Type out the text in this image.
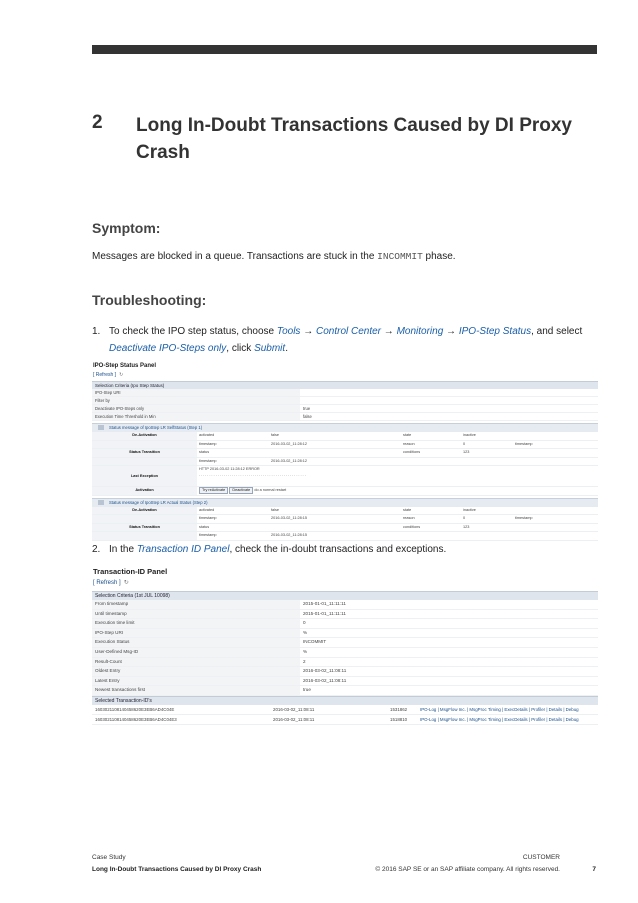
2 Long In-Doubt Transactions Caused by DI Proxy Crash
Symptom:
Messages are blocked in a queue. Transactions are stuck in the INCOMMIT phase.
Troubleshooting:
1. To check the IPO step status, choose Tools → Control Center → Monitoring → IPO-Step Status, and select Deactivate IPO-Steps only, click Submit.
IPO-Step Status Panel
[ Refresh ] ↻
Selection Criteria (Ipo Step Status)
IPO-Step URI
Filter by
Deactivate IPO-Steps only	true
Execution Time Threshold in Min	false
Status message of IpoStep LR SelfStatus (Step 1)
De-Activation	activated	false	state	inactive
timestamp	2016-03-02_11:28:12	reason	0	timestamp
Status Transition	status	conditions	123
timestamp	2016-03-02_11:28:12
Last Exception
HTTP 2016-03-02 11:28:12 ERROR
· · · · · · · · · · · · · · · · · · · · · · · · · · · · · · · · · · · · · · · · · · · · · · · · · · · ·
Activation	Try reActivate Deactivate do a normal restart
Status message of IpoStep LR Actual Status (Step 2)
De-Activation	activated	false	state	inactive
timestamp	2016-03-02_11:28:15	reason	0	timestamp
Status Transition	status	conditions	123
timestamp	2016-03-02_11:28:15
2. In the Transaction ID Panel, check the in-doubt transactions and exceptions.
Transaction-ID Panel
[ Refresh ] ↻
Selection Criteria (1st JUL 10098)
From timestamp	2015-01-01_11:11:11
Until timestamp	2015-01-01_11:11:11
Execution time limit	0
IPO-Step URI	%
Execution Status	INCOMMIT
User-Defined Msg-ID	%
Result-Count	2
Oldest Entry	2016-03-02_11:08:11
Latest Entry	2016-03-02_11:08:11
Newest transactions first	true
Selected Transaction-ID's
1603021108140458620E3EB6AD4C04E	2016-03-02_11:08:11	1531862	IPO-Log | MsgFlow Inc. | MsgProc Timing | ExecDetails | Profiler | Details | Debug
1603021108140458620E3EB6AD4C04E3	2016-03-02_11:08:11	1518810	IPO-Log | MsgFlow Inc. | MsgProc Timing | ExecDetails | Profiler | Details | Debug
Case Study
Long In-Doubt Transactions Caused by DI Proxy Crash
CUSTOMER
© 2016 SAP SE or an SAP affiliate company. All rights reserved.	7
